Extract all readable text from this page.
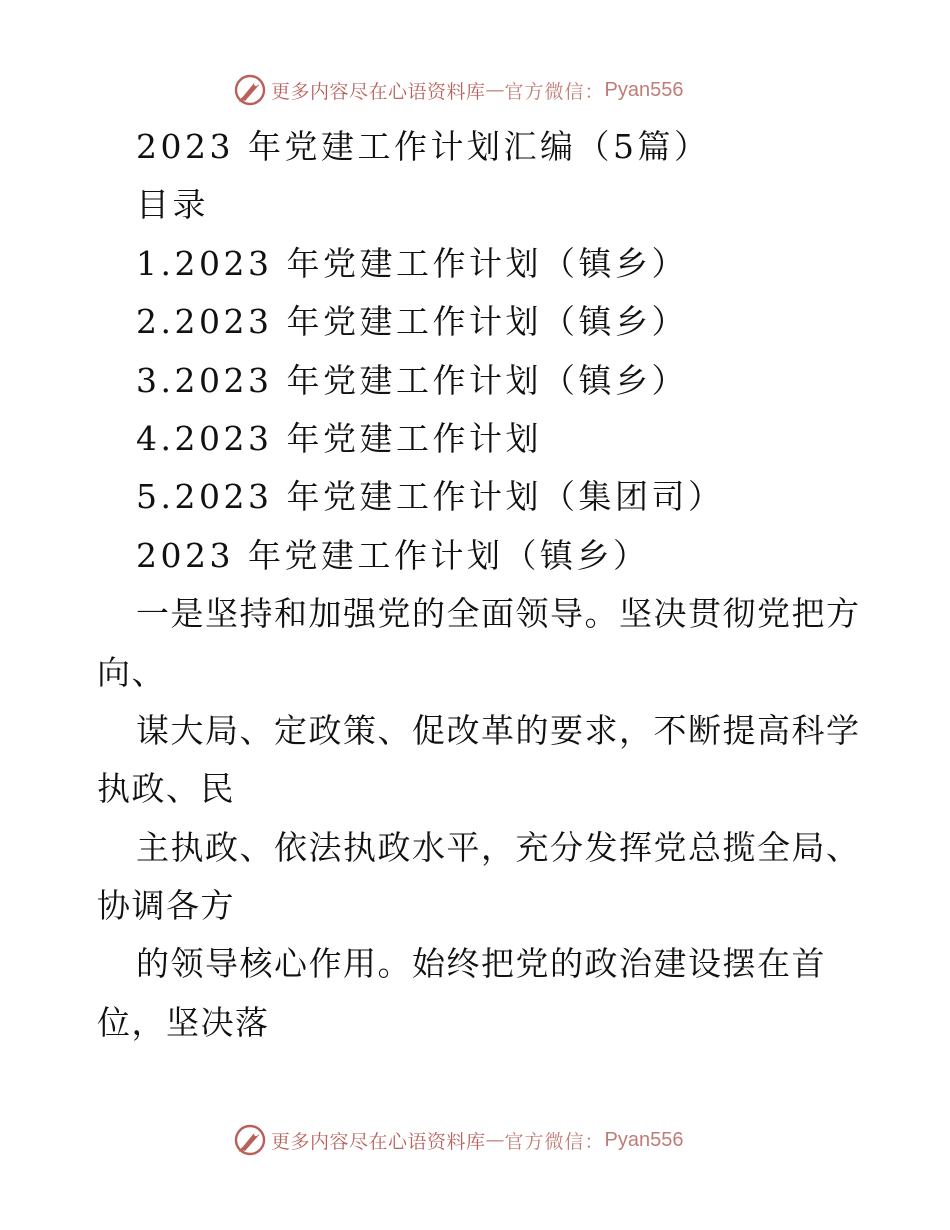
更多内容尽在心语资料库 — 官方微信： Pyan556
2023 年党建工作计划汇编（5篇）
目录
1.2023 年党建工作计划（镇乡）
2.2023 年党建工作计划（镇乡）
3.2023 年党建工作计划（镇乡）
4.2023 年党建工作计划
5.2023 年党建工作计划（集团司）
2023 年党建工作计划（镇乡）
一是坚持和加强党的全面领导。坚决贯彻党把方
向、
谋大局、定政策、促改革的要求，不断提高科学
执政、民
主执政、依法执政水平，充分发挥党总揽全局、
协调各方
的领导核心作用。始终把党的政治建设摆在首
位，坚决落
更多内容尽在心语资料库 — 官方微信： Pyan556
